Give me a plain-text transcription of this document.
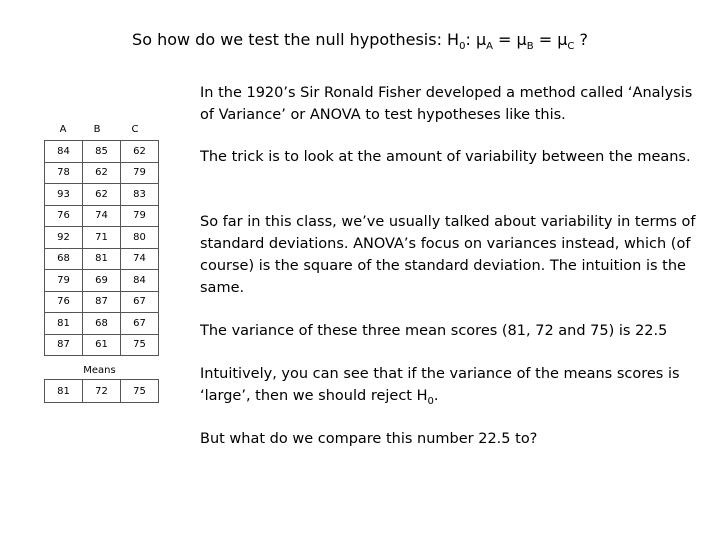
So how do we test the null hypothesis: $H_0$: $\mu_A = \mu_B = \mu_C$ ?
A	B	C
84	85	62
78	62	79
93	62	83
76	74	79
92	71	80
68	81	74
79	69	84
76	87	67
81	68	67
87	61	75
Means
81	72	75
In the 1920’s Sir Ronald Fisher developed a method called ‘Analysis of Variance’ or ANOVA to test hypotheses like this.
The trick is to look at the amount of variability between the means.
So far in this class, we’ve usually talked about variability in terms of standard deviations. ANOVA’s focus on variances instead, which (of course) is the square of the standard deviation. The intuition is the same.
The variance of these three mean scores (81, 72 and 75) is 22.5
Intuitively, you can see that if the variance of the means scores is ‘large’, then we should reject $H_0$.
But what do we compare this number 22.5 to?
